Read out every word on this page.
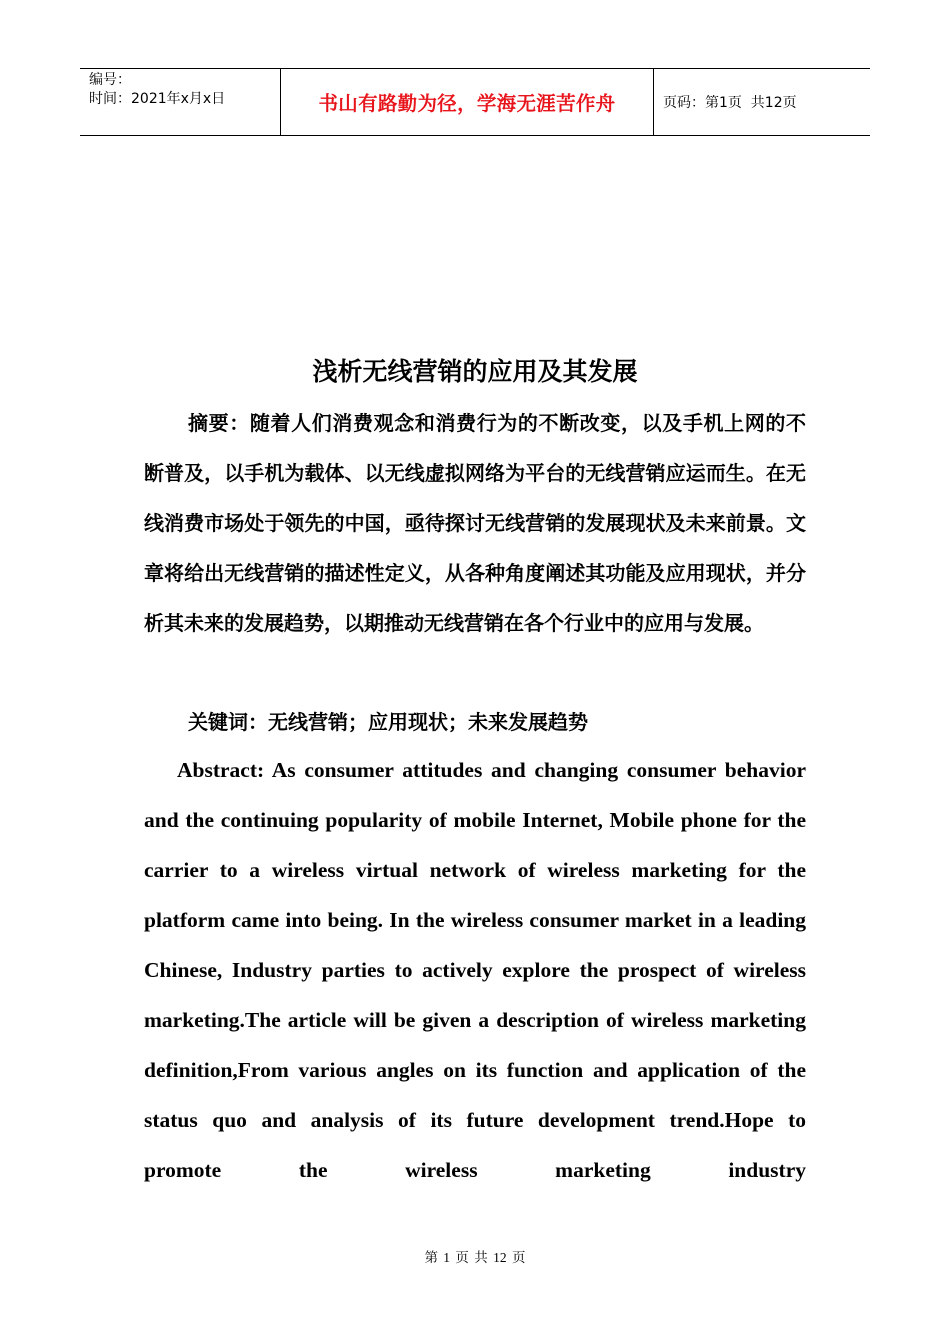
编号：
时间：2021年x月x日	书山有路勤为径，学海无涯苦作舟	页码：第1页  共12页
浅析无线营销的应用及其发展
摘要：随着人们消费观念和消费行为的不断改变，以及手机上网的不断普及，以手机为载体、以无线虚拟网络为平台的无线营销应运而生。在无线消费市场处于领先的中国，亟待探讨无线营销的发展现状及未来前景。文章将给出无线营销的描述性定义，从各种角度阐述其功能及应用现状，并分析其未来的发展趋势，以期推动无线营销在各个行业中的应用与发展。
关键词：无线营销；应用现状；未来发展趋势
Abstract: As consumer attitudes and changing consumer behavior and the continuing popularity of mobile Internet, Mobile phone for the carrier to a wireless virtual network of wireless marketing for the platform came into being. In the wireless consumer market in a leading Chinese, Industry parties to actively explore the prospect of wireless marketing.The article will be given a description of wireless marketing definition,From various angles on its function and application of the status quo and analysis of its future development trend.Hope to promote the wireless marketing industry
第 1 页 共 12 页
